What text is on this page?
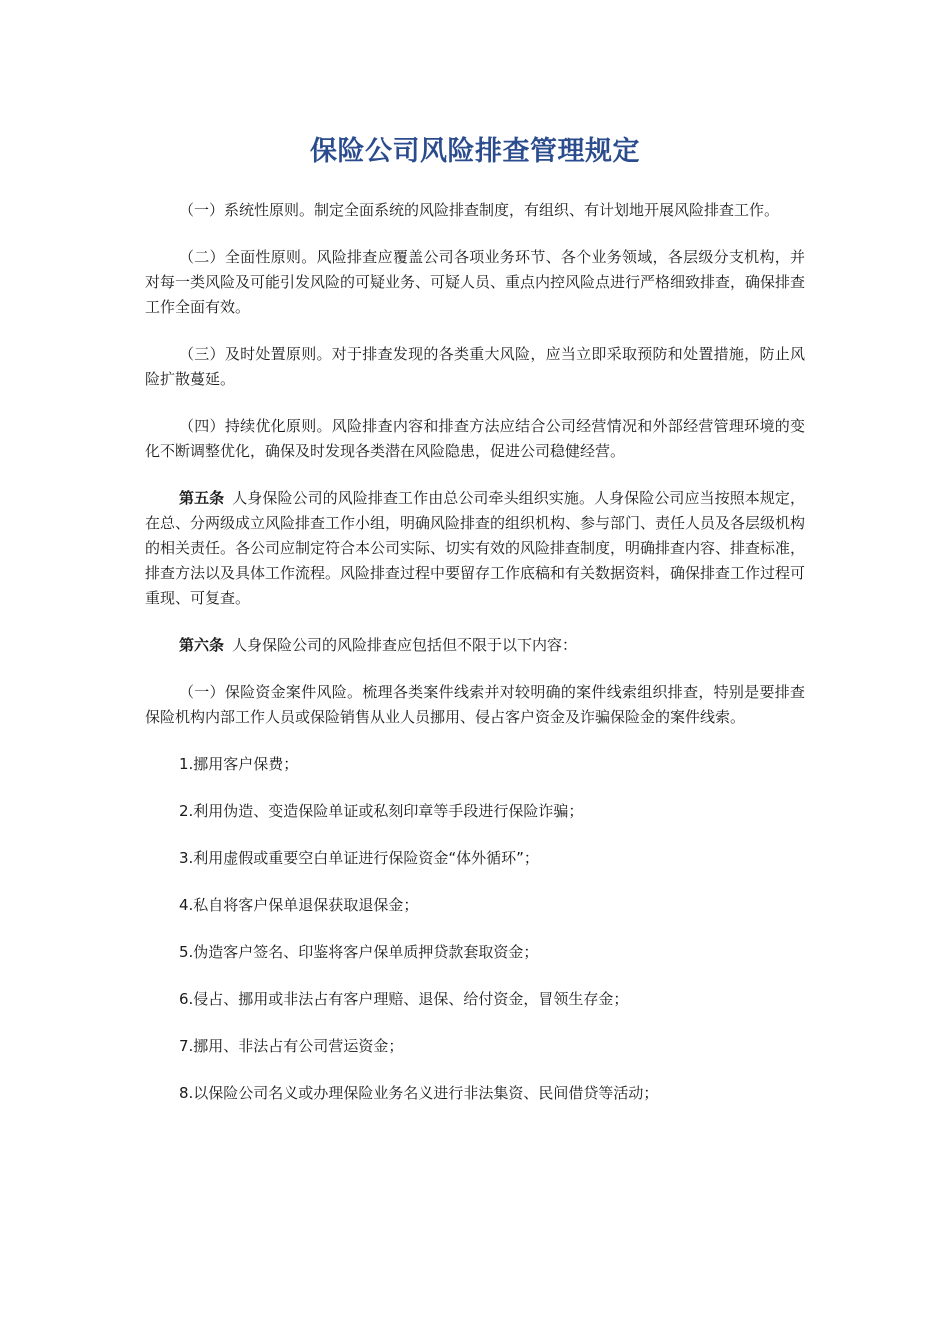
保险公司风险排查管理规定

（一）系统性原则。制定全面系统的风险排查制度，有组织、有计划地开展风险排查工作。

（二）全面性原则。风险排查应覆盖公司各项业务环节、各个业务领域，各层级分支机构，并对每一类风险及可能引发风险的可疑业务、可疑人员、重点内控风险点进行严格细致排查，确保排查工作全面有效。

（三）及时处置原则。对于排查发现的各类重大风险，应当立即采取预防和处置措施，防止风险扩散蔓延。

（四）持续优化原则。风险排查内容和排查方法应结合公司经营情况和外部经营管理环境的变化不断调整优化，确保及时发现各类潜在风险隐患，促进公司稳健经营。

第五条 人身保险公司的风险排查工作由总公司牵头组织实施。人身保险公司应当按照本规定，在总、分两级成立风险排查工作小组，明确风险排查的组织机构、参与部门、责任人员及各层级机构的相关责任。各公司应制定符合本公司实际、切实有效的风险排查制度，明确排查内容、排查标准，排查方法以及具体工作流程。风险排查过程中要留存工作底稿和有关数据资料，确保排查工作过程可重现、可复查。

第六条 人身保险公司的风险排查应包括但不限于以下内容：

（一）保险资金案件风险。梳理各类案件线索并对较明确的案件线索组织排查，特别是要排查保险机构内部工作人员或保险销售从业人员挪用、侵占客户资金及诈骗保险金的案件线索。

1.挪用客户保费；

2.利用伪造、变造保险单证或私刻印章等手段进行保险诈骗；

3.利用虚假或重要空白单证进行保险资金“体外循环”；

4.私自将客户保单退保获取退保金；

5.伪造客户签名、印鉴将客户保单质押贷款套取资金；

6.侵占、挪用或非法占有客户理赔、退保、给付资金，冒领生存金；

7.挪用、非法占有公司营运资金；

8.以保险公司名义或办理保险业务名义进行非法集资、民间借贷等活动；
